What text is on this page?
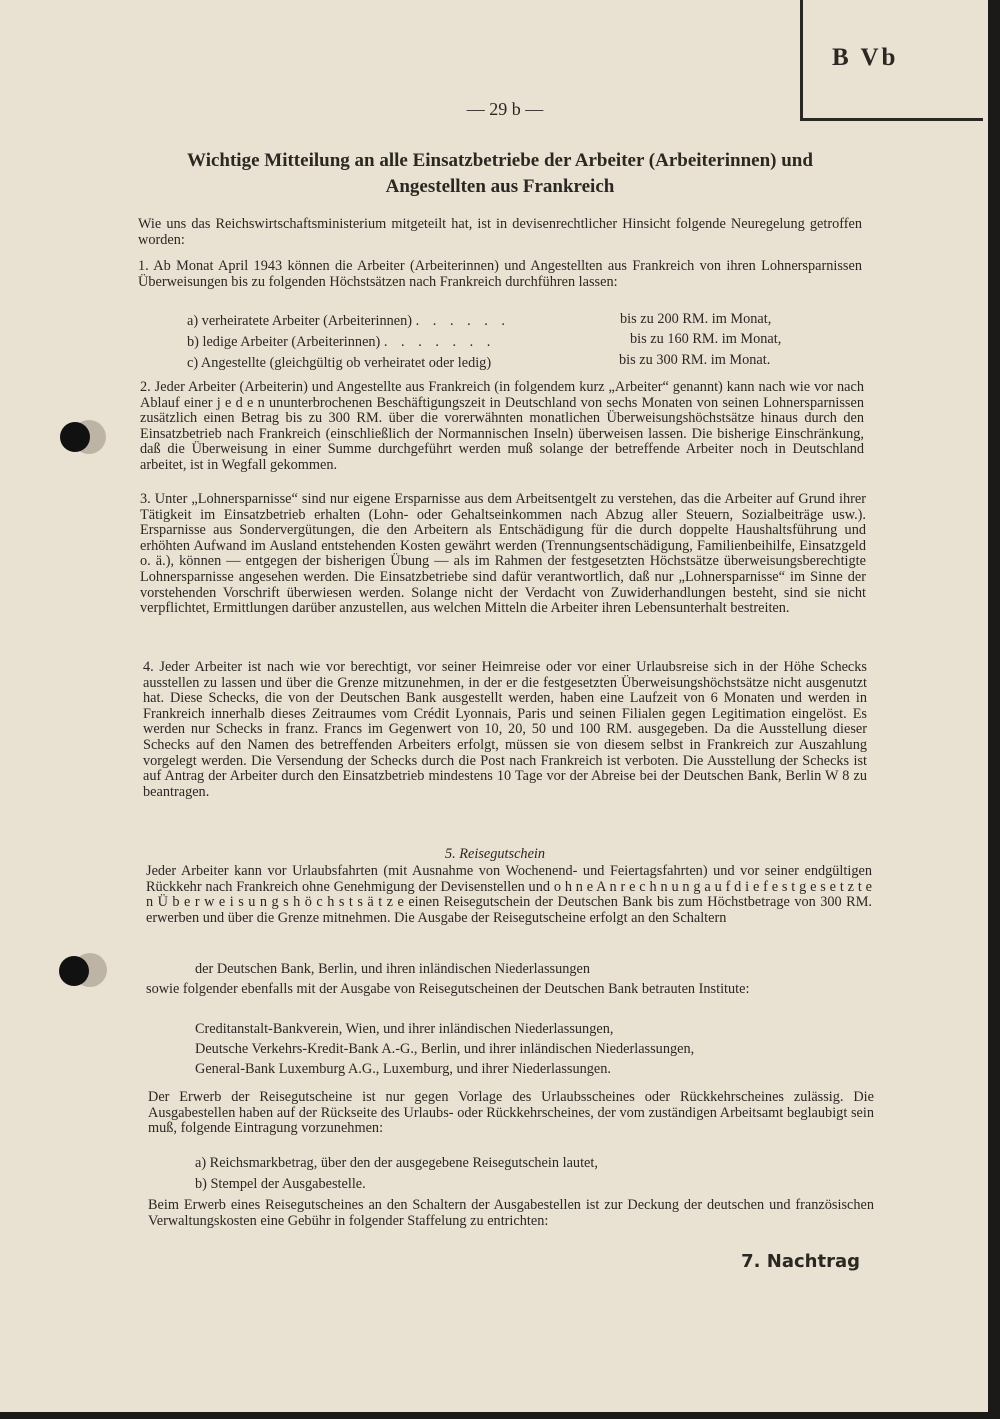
B Vb
— 29 b —
Wichtige Mitteilung an alle Einsatzbetriebe der Arbeiter (Arbeiterinnen) und
Angestellten aus Frankreich

Wie uns das Reichswirtschaftsministerium mitgeteilt hat, ist in devisenrechtlicher Hinsicht folgende Neuregelung getroffen worden:

1. Ab Monat April 1943 können die Arbeiter (Arbeiterinnen) und Angestellten aus Frankreich von ihren Lohnersparnissen Überweisungen bis zu folgenden Höchstsätzen nach Frankreich durchführen lassen:

a) verheiratete Arbeiter (Arbeiterinnen) . . . . . .	bis zu 200 RM. im Monat,
b) ledige Arbeiter (Arbeiterinnen) . . . . . . .	bis zu 160 RM. im Monat,
c) Angestellte (gleichgültig ob verheiratet oder ledig)	bis zu 300 RM. im Monat.

2. Jeder Arbeiter (Arbeiterin) und Angestellte aus Frankreich (in folgendem kurz „Arbeiter“ genannt) kann nach wie vor nach Ablauf einer j e d e n ununterbrochenen Beschäftigungszeit in Deutschland von sechs Monaten von seinen Lohnersparnissen zusätzlich einen Betrag bis zu 300 RM. über die vorerwähnten monatlichen Überweisungshöchstsätze hinaus durch den Einsatzbetrieb nach Frankreich (einschließlich der Normannischen Inseln) überweisen lassen. Die bisherige Einschränkung, daß die Überweisung in einer Summe durchgeführt werden muß solange der betreffende Arbeiter noch in Deutschland arbeitet, ist in Wegfall gekommen.

3. Unter „Lohnersparnisse“ sind nur eigene Ersparnisse aus dem Arbeitsentgelt zu verstehen, das die Arbeiter auf Grund ihrer Tätigkeit im Einsatzbetrieb erhalten (Lohn- oder Gehaltseinkommen nach Abzug aller Steuern, Sozialbeiträge usw.). Ersparnisse aus Sondervergütungen, die den Arbeitern als Entschädigung für die durch doppelte Haushaltsführung und erhöhten Aufwand im Ausland entstehenden Kosten gewährt werden (Trennungsentschädigung, Familienbeihilfe, Einsatzgeld o. ä.), können — entgegen der bisherigen Übung — als im Rahmen der festgesetzten Höchstsätze überweisungsberechtigte Lohnersparnisse angesehen werden. Die Einsatzbetriebe sind dafür verantwortlich, daß nur „Lohnersparnisse“ im Sinne der vorstehenden Vorschrift überwiesen werden. Solange nicht der Verdacht von Zuwiderhandlungen besteht, sind sie nicht verpflichtet, Ermittlungen darüber anzustellen, aus welchen Mitteln die Arbeiter ihren Lebensunterhalt bestreiten.

4. Jeder Arbeiter ist nach wie vor berechtigt, vor seiner Heimreise oder vor einer Urlaubsreise sich in der Höhe Schecks ausstellen zu lassen und über die Grenze mitzunehmen, in der er die festgesetzten Überweisungshöchstsätze nicht ausgenutzt hat. Diese Schecks, die von der Deutschen Bank ausgestellt werden, haben eine Laufzeit von 6 Monaten und werden in Frankreich innerhalb dieses Zeitraumes vom Crédit Lyonnais, Paris und seinen Filialen gegen Legitimation eingelöst. Es werden nur Schecks in franz. Francs im Gegenwert von 10, 20, 50 und 100 RM. ausgegeben. Da die Ausstellung dieser Schecks auf den Namen des betreffenden Arbeiters erfolgt, müssen sie von diesem selbst in Frankreich zur Auszahlung vorgelegt werden. Die Versendung der Schecks durch die Post nach Frankreich ist verboten. Die Ausstellung der Schecks ist auf Antrag der Arbeiter durch den Einsatzbetrieb mindestens 10 Tage vor der Abreise bei der Deutschen Bank, Berlin W 8 zu beantragen.

5. Reisegutschein

Jeder Arbeiter kann vor Urlaubsfahrten (mit Ausnahme von Wochenend- und Feiertagsfahrten) und vor seiner endgültigen Rückkehr nach Frankreich ohne Genehmigung der Devisenstellen und o h n e A n r e c h n u n g a u f d i e f e s t g e s e t z t e n Ü b e r w e i s u n g s h ö c h s t s ä t z e einen Reisegutschein der Deutschen Bank bis zum Höchstbetrage von 300 RM. erwerben und über die Grenze mitnehmen. Die Ausgabe der Reisegutscheine erfolgt an den Schaltern

der Deutschen Bank, Berlin, und ihren inländischen Niederlassungen

sowie folgender ebenfalls mit der Ausgabe von Reisegutscheinen der Deutschen Bank betrauten Institute:

Creditanstalt-Bankverein, Wien, und ihrer inländischen Niederlassungen,
Deutsche Verkehrs-Kredit-Bank A.-G., Berlin, und ihrer inländischen Niederlassungen,
General-Bank Luxemburg A.G., Luxemburg, und ihrer Niederlassungen.

Der Erwerb der Reisegutscheine ist nur gegen Vorlage des Urlaubsscheines oder Rückkehrscheines zulässig. Die Ausgabestellen haben auf der Rückseite des Urlaubs- oder Rückkehrscheines, der vom zuständigen Arbeitsamt beglaubigt sein muß, folgende Eintragung vorzunehmen:

a) Reichsmarkbetrag, über den der ausgegebene Reisegutschein lautet,
b) Stempel der Ausgabestelle.

Beim Erwerb eines Reisegutscheines an den Schaltern der Ausgabestellen ist zur Deckung der deutschen und französischen Verwaltungskosten eine Gebühr in folgender Staffelung zu entrichten:

7. Nachtrag
